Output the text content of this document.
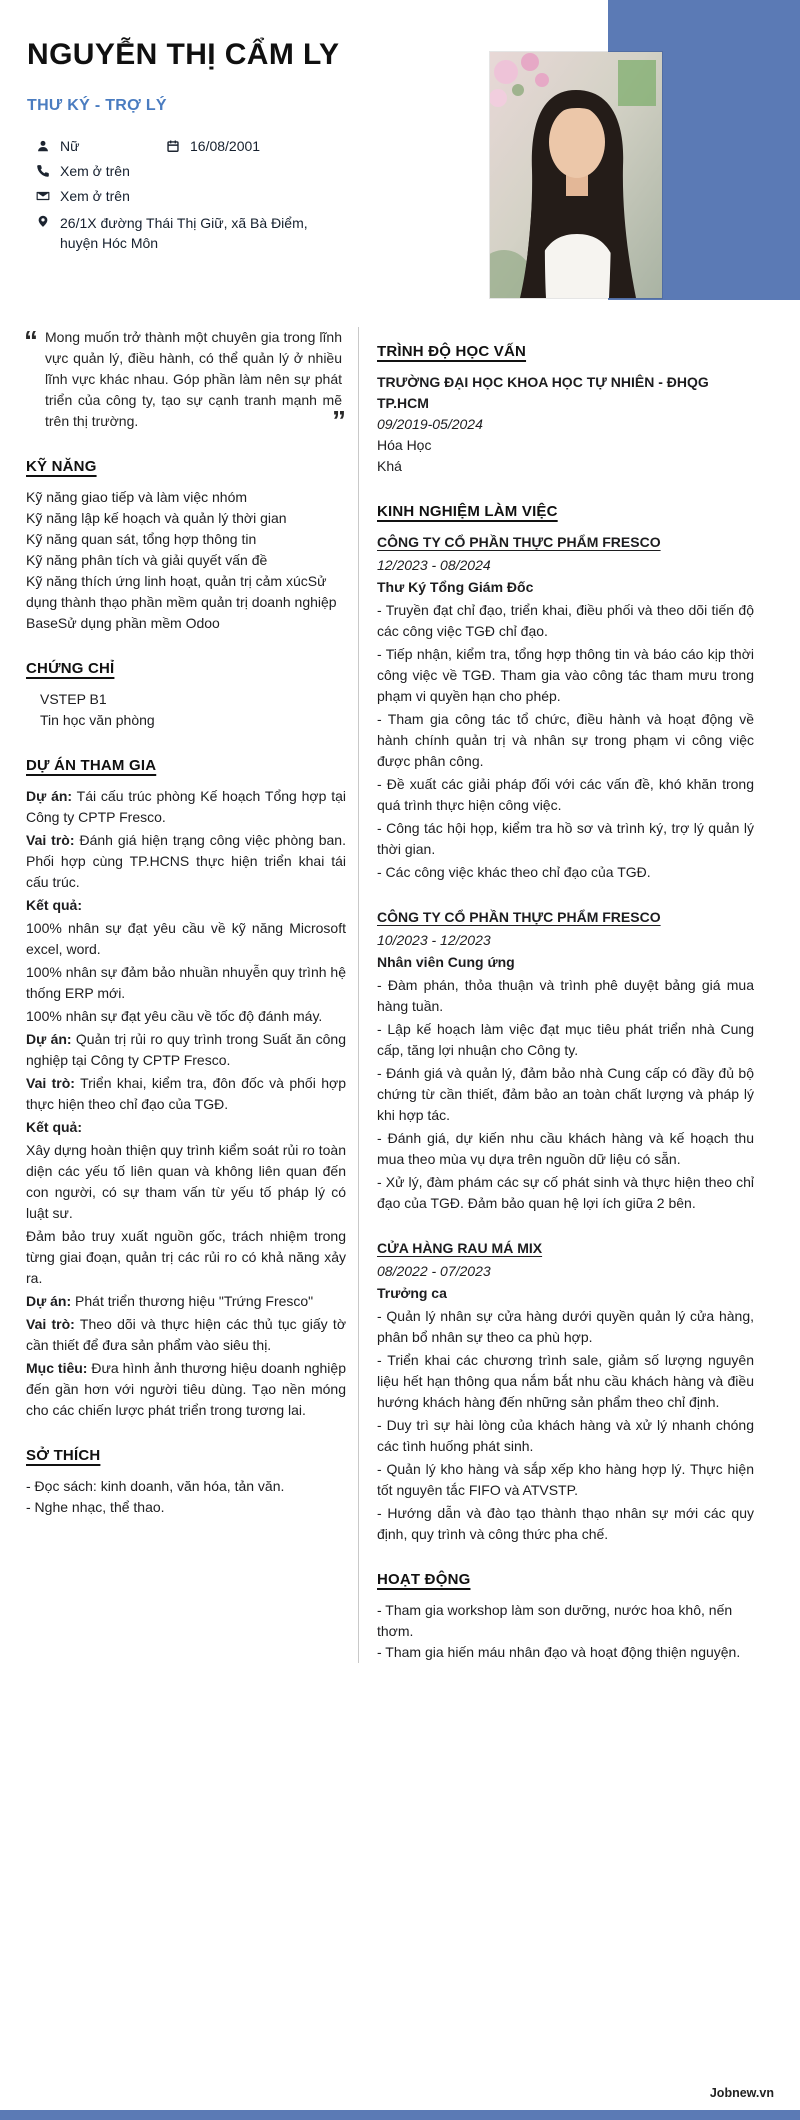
NGUYỄN THỊ CẨM LY
THƯ KÝ - TRỢ LÝ
Nữ	16/08/2001
Xem ở trên
Xem ở trên
26/1X đường Thái Thị Giữ, xã Bà Điểm, huyện Hóc Môn
“ Mong muốn trở thành một chuyên gia trong lĩnh vực quản lý, điều hành, có thể quản lý ở nhiều lĩnh vực khác nhau. Góp phần làm nên sự phát triển của công ty, tạo sự cạnh tranh mạnh mẽ trên thị trường.	”
KỸ NĂNG
Kỹ năng giao tiếp và làm việc nhóm
Kỹ năng lập kế hoạch và quản lý thời gian
Kỹ năng quan sát, tổng hợp thông tin
Kỹ năng phân tích và giải quyết vấn đề
Kỹ năng thích ứng linh hoạt, quản trị cảm xúcSử dụng thành thạo phần mềm quản trị doanh nghiệp BaseSử dụng phần mềm Odoo
CHỨNG CHỈ
VSTEP B1
Tin học văn phòng
DỰ ÁN THAM GIA

Dự án: Tái cấu trúc phòng Kế hoạch Tổng hợp tại Công ty CPTP Fresco.

Vai trò: Đánh giá hiện trạng công việc phòng ban. Phối hợp cùng TP.HCNS thực hiện triển khai tái cấu trúc.

Kết quả:

100% nhân sự đạt yêu cầu về kỹ năng Microsoft excel, word.

100% nhân sự đảm bảo nhuần nhuyễn quy trình hệ thống ERP mới.

100% nhân sự đạt yêu cầu về tốc độ đánh máy.

Dự án: Quản trị rủi ro quy trình trong Suất ăn công nghiệp tại Công ty CPTP Fresco.

Vai trò: Triển khai, kiểm tra, đôn đốc và phối hợp thực hiện theo chỉ đạo của TGĐ.

Kết quả:

Xây dựng hoàn thiện quy trình kiểm soát rủi ro toàn diện các yếu tố liên quan và không liên quan đến con người, có sự tham vấn từ yếu tố pháp lý có luật sư.

Đảm bảo truy xuất nguồn gốc, trách nhiệm trong từng giai đoạn, quản trị các rủi ro có khả năng xảy ra.

Dự án: Phát triển thương hiệu "Trứng Fresco"

Vai trò: Theo dõi và thực hiện các thủ tục giấy tờ cần thiết để đưa sản phẩm vào siêu thị.

Mục tiêu: Đưa hình ảnh thương hiệu doanh nghiệp đến gần hơn với người tiêu dùng. Tạo nền móng cho các chiến lược phát triển trong tương lai.

SỞ THÍCH
- Đọc sách: kinh doanh, văn hóa, tản văn.
- Nghe nhạc, thể thao.
TRÌNH ĐỘ HỌC VẤN
TRƯỜNG ĐẠI HỌC KHOA HỌC TỰ NHIÊN - ĐHQG TP.HCM
09/2019-05/2024
Hóa Học
Khá
KINH NGHIỆM LÀM VIỆC
CÔNG TY CỔ PHẦN THỰC PHẨM FRESCO
12/2023 - 08/2024
Thư Ký Tổng Giám Đốc

- Truyền đạt chỉ đạo, triển khai, điều phối và theo dõi tiến độ các công việc TGĐ chỉ đạo.

- Tiếp nhận, kiểm tra, tổng hợp thông tin và báo cáo kịp thời công việc về TGĐ. Tham gia vào công tác tham mưu trong phạm vi quyền hạn cho phép.

- Tham gia công tác tổ chức, điều hành và hoạt động về hành chính quản trị và nhân sự trong phạm vi công việc được phân công.

- Đề xuất các giải pháp đối với các vấn đề, khó khăn trong quá trình thực hiện công việc.

- Công tác hội họp, kiểm tra hồ sơ và trình ký, trợ lý quản lý thời gian.

- Các công việc khác theo chỉ đạo của TGĐ.

CÔNG TY CỔ PHẦN THỰC PHẨM FRESCO
10/2023 - 12/2023
Nhân viên Cung ứng

- Đàm phán, thỏa thuận và trình phê duyệt bảng giá mua hàng tuần.

- Lập kế hoạch làm việc đạt mục tiêu phát triển nhà Cung cấp, tăng lợi nhuận cho Công ty.

- Đánh giá và quản lý, đảm bảo nhà Cung cấp có đầy đủ bộ chứng từ cần thiết, đảm bảo an toàn chất lượng và pháp lý khi hợp tác.

- Đánh giá, dự kiến nhu cầu khách hàng và kế hoạch thu mua theo mùa vụ dựa trên nguồn dữ liệu có sẵn.

- Xử lý, đàm phám các sự cố phát sinh và thực hiện theo chỉ đạo của TGĐ. Đảm bảo quan hệ lợi ích giữa 2 bên.

CỬA HÀNG RAU MÁ MIX
08/2022 - 07/2023
Trưởng ca

- Quản lý nhân sự cửa hàng dưới quyền quản lý cửa hàng, phân bổ nhân sự theo ca phù hợp.

- Triển khai các chương trình sale, giảm số lượng nguyên liệu hết hạn thông qua nắm bắt nhu cầu khách hàng và điều hướng khách hàng đến những sản phẩm theo chỉ định.

- Duy trì sự hài lòng của khách hàng và xử lý nhanh chóng các tình huống phát sinh.

- Quản lý kho hàng và sắp xếp kho hàng hợp lý. Thực hiện tốt nguyên tắc FIFO và ATVSTP.

- Hướng dẫn và đào tạo thành thạo nhân sự mới các quy định, quy trình và công thức pha chế.

HOẠT ĐỘNG
- Tham gia workshop làm son dưỡng, nước hoa khô, nến thơm.
- Tham gia hiến máu nhân đạo và hoạt động thiện nguyện.
Jobnew.vn
